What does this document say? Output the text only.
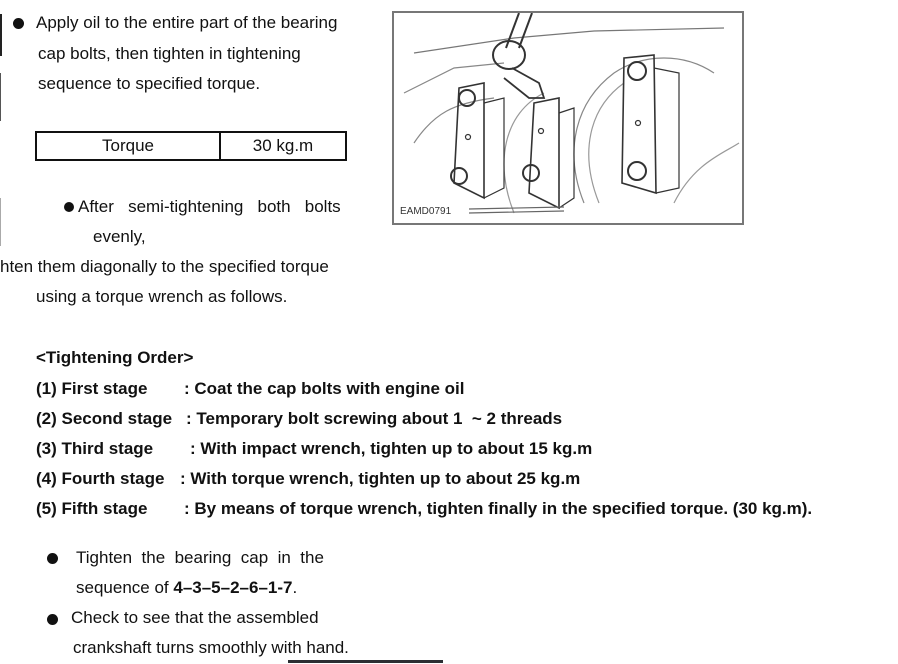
Apply oil to the entire part of the bearing
cap bolts, then tighten in tightening
sequence to specified torque.
Torque	30 kg.m
After   semi-tightening   both   bolts
evenly,
hten them diagonally to the specified torque
using a torque wrench as follows.
EAMD0791
<Tightening Order>
(1) First stage : Coat the cap bolts with engine oil
(2) Second stage : Temporary bolt screwing about 1  ~ 2 threads
(3) Third stage : With impact wrench, tighten up to about 15 kg.m
(4) Fourth stage : With torque wrench, tighten up to about 25 kg.m
(5) Fifth stage : By means of torque wrench, tighten finally in the specified torque. (30 kg.m).
Tighten  the  bearing  cap  in  the
sequence of 4–3–5–2–6–1-7.
Check to see that the assembled
crankshaft turns smoothly with hand.
